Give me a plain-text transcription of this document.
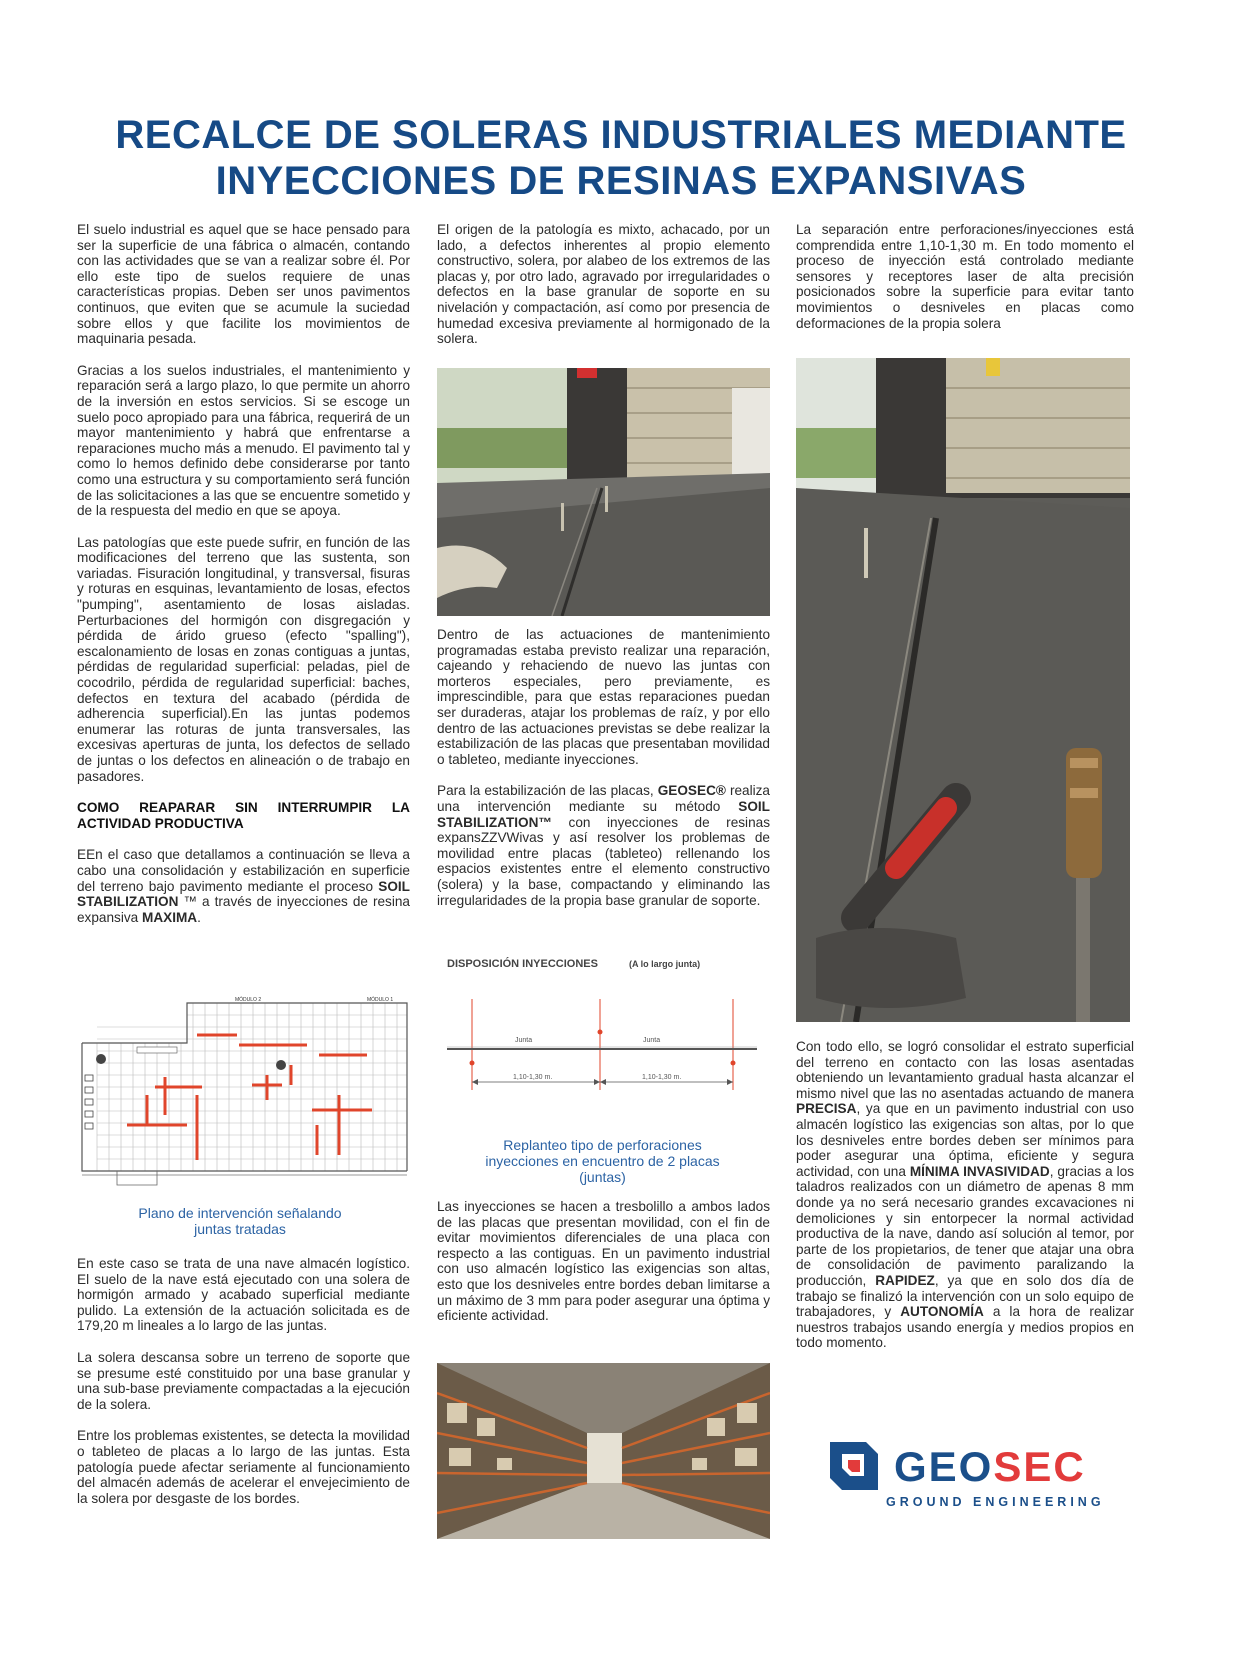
RECALCE DE SOLERAS INDUSTRIALES MEDIANTE
INYECCIONES DE RESINAS EXPANSIVAS

El suelo industrial es aquel que se hace pensado para ser la superficie de una fábrica o almacén, contando con las actividades que se van a realizar sobre él. Por ello este tipo de suelos requiere de unas características propias. Deben ser unos pavimentos continuos, que eviten que se acumule la suciedad sobre ellos y que facilite los movimientos de maquinaria pesada.

Gracias a los suelos industriales, el mantenimiento y reparación será a largo plazo, lo que permite un ahorro de la inversión en estos servicios. Si se escoge un suelo poco apropiado para una fábrica, requerirá de un mayor mantenimiento y habrá que enfrentarse a reparaciones mucho más a menudo. El pavimento tal y como lo hemos definido debe considerarse por tanto como una estructura y su comportamiento será función de las solicitaciones a las que se encuentre sometido y de la respuesta del medio en que se apoya.

Las patologías que este puede sufrir, en función de las modificaciones del terreno que las sustenta, son variadas. Fisuración longitudinal, y transversal, fisuras y roturas en esquinas, levantamiento de losas, efectos "pumping", asentamiento de losas aisladas. Perturbaciones del hormigón con disgregación y pérdida de árido grueso (efecto "spalling"), escalonamiento de losas en zonas contiguas a juntas, pérdidas de regularidad superficial: peladas, piel de cocodrilo, pérdida de regularidad superficial: baches, defectos en textura del acabado (pérdida de adherencia superficial).En las juntas podemos enumerar las roturas de junta transversales, las excesivas aperturas de junta, los defectos de sellado de juntas o los defectos en alineación o de trabajo en pasadores.

COMO REAPARAR SIN INTERRUMPIR LA ACTIVIDAD PRODUCTIVA

EEn el caso que detallamos a continuación se lleva a cabo una consolidación y estabilización en superficie del terreno bajo pavimento mediante el proceso SOIL STABILIZATION ™ a través de inyecciones de resina expansiva MAXIMA.

MÓDULO 2	MÓDULO 1
Plano de intervención señalando juntas tratadas

En este caso se trata de una nave almacén logístico. El suelo de la nave está ejecutado con una solera de hormigón armado y acabado superficial mediante pulido. La extensión de la actuación solicitada es de 179,20 m lineales a lo largo de las juntas.

La solera descansa sobre un terreno de soporte que se presume esté constituido por una base granular y una sub-base previamente compactadas a la ejecución de la solera.

Entre los problemas existentes, se detecta la movilidad o tableteo de placas a lo largo de las juntas. Esta patología puede afectar seriamente al funcionamiento del almacén además de acelerar el envejecimiento de la solera por desgaste de los bordes.

El origen de la patología es mixto, achacado, por un lado, a defectos inherentes al propio elemento constructivo, solera, por alabeo de los extremos de las placas y, por otro lado, agravado por irregularidades o defectos en la base granular de soporte en su nivelación y compactación, así como por presencia de humedad excesiva previamente al hormigonado de la solera.

Dentro de las actuaciones de mantenimiento programadas estaba previsto realizar una reparación, cajeando y rehaciendo de nuevo las juntas con morteros especiales, pero previamente, es imprescindible, para que estas reparaciones puedan ser duraderas, atajar los problemas de raíz, y por ello dentro de las actuaciones previstas se debe realizar la estabilización de las placas que presentaban movilidad o tableteo, mediante inyecciones.

Para la estabilización de las placas, GEOSEC® realiza una intervención mediante su método SOIL STABILIZATION™ con inyecciones de resinas expansZZVWivas y así resolver los problemas de movilidad entre placas (tableteo) rellenando los espacios existentes entre el elemento constructivo (solera) y la base, compactando y eliminando las irregularidades de la propia base granular de soporte.

DISPOSICIÓN INYECCIONES	(A lo largo junta)
Junta	Junta
1,10-1,30 m.	1,10-1,30 m.
Replanteo tipo de perforaciones inyecciones en encuentro de 2 placas (juntas)

Las inyecciones se hacen a tresbolillo a ambos lados de las placas que presentan movilidad, con el fin de evitar movimientos diferenciales de una placa con respecto a las contiguas. En un pavimento industrial con uso almacén logístico las exigencias son altas, esto que los desniveles entre bordes deban limitarse a un máximo de 3 mm para poder asegurar una óptima y eficiente actividad.

La separación entre perforaciones/inyecciones está comprendida entre 1,10-1,30 m. En todo momento el proceso de inyección está controlado mediante sensores y receptores laser de alta precisión posicionados sobre la superficie para evitar tanto movimientos o desniveles en placas como deformaciones de la propia solera

Con todo ello, se logró consolidar el estrato superficial del terreno en contacto con las losas asentadas obteniendo un levantamiento gradual hasta alcanzar el mismo nivel que las no asentadas actuando de manera PRECISA, ya que en un pavimento industrial con uso almacén logístico las exigencias son altas, por lo que los desniveles entre bordes deben ser mínimos para poder asegurar una óptima, eficiente y segura actividad, con una MÍNIMA INVASIVIDAD, gracias a los taladros realizados con un diámetro de apenas 8 mm donde ya no será necesario grandes excavaciones ni demoliciones y sin entorpecer la normal actividad productiva de la nave, dando así solución al temor, por parte de los propietarios, de tener que atajar una obra de consolidación de pavimento paralizando la producción, RAPIDEZ, ya que en solo dos día de trabajo se finalizó la intervención con un solo equipo de trabajadores, y AUTONOMÍA a la hora de realizar nuestros trabajos usando energía y medios propios en todo momento.

GEOSEC
GROUND ENGINEERING
